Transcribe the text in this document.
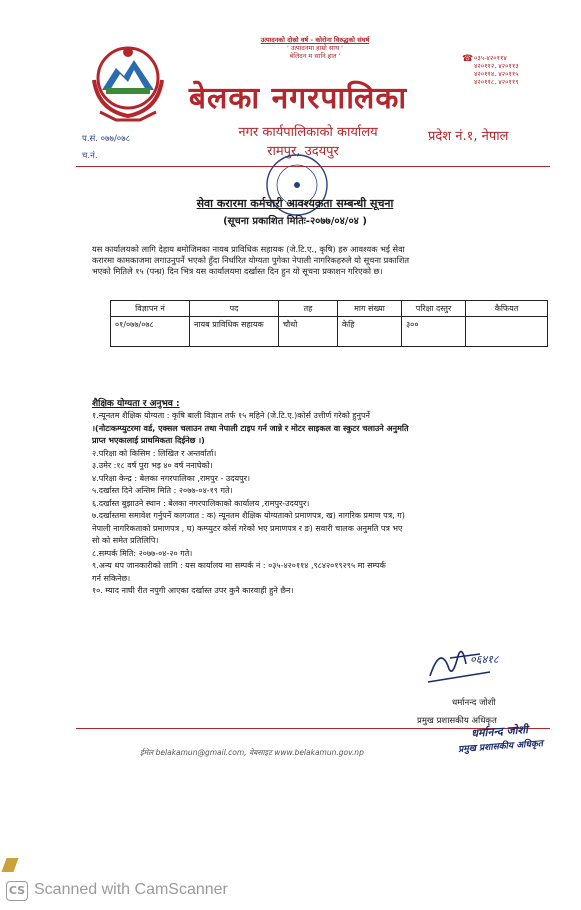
उत्पादनको दोस्रो वर्ष - कोरोना विरुद्धको संघर्ष
' उत्पादनमा हाम्रो साथ '
बेलिदन म सानि हात '	☎ ०३५-४२०११४
४२०११२, ४२०११३
४२०११४, ४२०११५
४२०११८, ४२०११९
बेलका नगरपालिका
नगर कार्यपालिकाको कार्यालय
रामपुर, उदयपुर
प्रदेश नं.१, नेपाल
प.सं. ०७७/०७८
च.नं.
सेवा करारमा कर्मचारी आवश्यकता सम्बन्धी सूचना
(सूचना प्रकाशित मितिः-२०७७/०४/०४ )
यस कार्यालयको लागि देहाय बमोजिमका नायब प्राविधिक सहायक (जे.टि.ए., कृषि) हरु आवश्यक भई सेवा
करारमा कामकाजमा लगाउनुपर्ने भएको हुँदा निर्धारित योग्यता पुगेका नेपाली नागरिकहरुले यो सूचना प्रकाशित
भएको मितिले १५ (पन्ध्र) दिन भित्र यस कार्यालयमा दर्खास्त दिन हुन यो सूचना प्रकाशन गरिएको छ।
विज्ञापन नं	पद	तह	माग संख्या	परिक्षा दस्तुर	कैफियत
०१/०७७/०७८	नायब प्राविधिक सहायक	चौथो	केहि	३००	
शैक्षिक योग्यता र अनुभव :

१.न्यूनतम शैक्षिक योग्यता : कृषि बाली विज्ञान तर्फ १५ महिने (जे.टि.ए.)कोर्स उत्तीर्ण गरेको हुनुपर्ने

।(नोटःकम्प्युटरमा वर्ड, एक्सल चलाउन तथा नेपाली टाइप गर्न जान्ने र मोटर साइकल वा स्कुटर चलाउने अनुमति

प्राप्त भएकालाई प्राथमिकता दिईनेछ ।)

२.परिक्षा को किसिम : लिखित र अन्तर्वार्ता।

३.उमेर :१८ वर्ष पुरा भइ ४० वर्ष ननाघेको।

४.परिक्षा केन्द्र : बेलका नगरपालिका ,रामपुर - उदयपुर।

५.दर्खास्त दिने अन्तिम मिति : २०७७-०४-१९ गते।

६.दर्खास्त बुझाउने स्थान : बेलका नगरपालिकाको कार्यालय ,रामपुर-उदयपुर।

७.दर्खास्तमा समावेश गर्नुपर्ने कागजात : क) न्यूनतम शैक्षिक योग्यताको प्रमाणपत्र, ख) नागरिक प्रमाण पत्र, ग)

नेपाली नागरिकताको प्रमाणपत्र , घ) कम्प्युटर कोर्स गरेको भए प्रमाणपत्र र ङ) सवारी चालक अनुमति पत्र भए

सो को समेत प्रतिलिपि।

८.सम्पर्क मिति: २०७७-०४-२० गते।

९.अन्य थप जानकारीको लागि : यस कार्यालय मा सम्पर्क नं : ०३५-४२०११४ ,९८४२०१९२९५ मा सम्पर्क

गर्न सकिनेछ।

१०. म्याद नाघी रीत नपुगी आएका दर्खास्त उपर कुनै कारवाही हुने छैन।

०६४१८
धर्मानन्द जोशी
प्रमुख प्रशासकीय अधिकृत
धर्मानन्द जोशी
प्रमुख प्रशासकीय अधिकृत
ईमेल belakamun@gmail.com, वेबसाइट www.belakamun.gov.np
CS Scanned with CamScanner
